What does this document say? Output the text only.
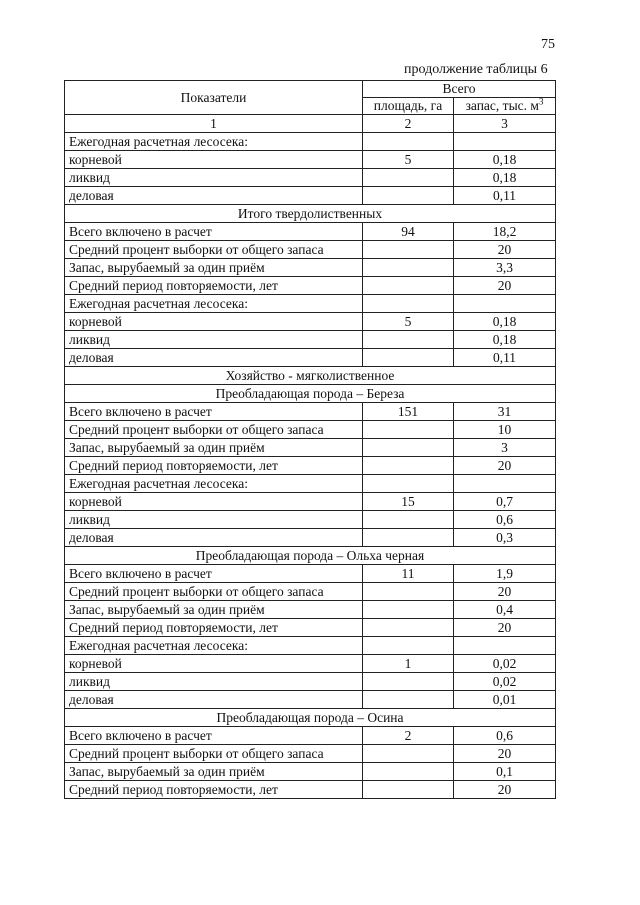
75
продолжение таблицы 6
Показатели	Всего	
	площадь, га	запас, тыс. $м^3$
1	2	3
Ежегодная расчетная лесосека:		
корневой	5	0,18
ликвид		0,18
деловая		0,11
Итого твердолиственных		
Всего включено в расчет	94	18,2
Средний процент выборки от общего запаса		20
Запас, вырубаемый за один приём		3,3
Средний период повторяемости, лет		20
Ежегодная расчетная лесосека:		
корневой	5	0,18
ликвид		0,18
деловая		0,11
Хозяйство - мягколиственное		
Преобладающая порода – Береза		
Всего включено в расчет	151	31
Средний процент выборки от общего запаса		10
Запас, вырубаемый за один приём		3
Средний период повторяемости, лет		20
Ежегодная расчетная лесосека:		
корневой	15	0,7
ликвид		0,6
деловая		0,3
Преобладающая порода – Ольха черная		
Всего включено в расчет	11	1,9
Средний процент выборки от общего запаса		20
Запас, вырубаемый за один приём		0,4
Средний период повторяемости, лет		20
Ежегодная расчетная лесосека:		
корневой	1	0,02
ликвид		0,02
деловая		0,01
Преобладающая порода – Осина		
Всего включено в расчет	2	0,6
Средний процент выборки от общего запаса		20
Запас, вырубаемый за один приём		0,1
Средний период повторяемости, лет		20
